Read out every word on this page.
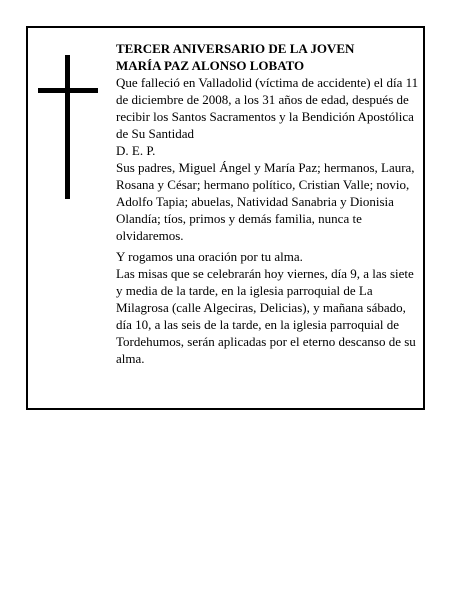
TERCER ANIVERSARIO DE LA JOVEN

MARÍA PAZ ALONSO LOBATO

Que falleció en Valladolid (víctima de accidente) el día 11 de diciembre de 2008, a los 31 años de edad, después de recibir los Santos Sacramentos y la Bendición Apostólica de Su Santidad

D. E. P.

Sus padres, Miguel Ángel y María Paz; hermanos, Laura, Rosana y César; hermano político, Cristian Valle; novio, Adolfo Tapia; abuelas, Natividad Sanabria y Dionisia Olandía; tíos, primos y demás familia, nunca te olvidaremos.

Y rogamos una oración por tu alma.

Las misas que se celebrarán hoy viernes, día 9, a las siete y media de la tarde, en la iglesia parroquial de La Milagrosa (calle Algeciras, Delicias), y mañana sábado, día 10, a las seis de la tarde, en la iglesia parroquial de Tordehumos, serán aplicadas por el eterno descanso de su alma.
